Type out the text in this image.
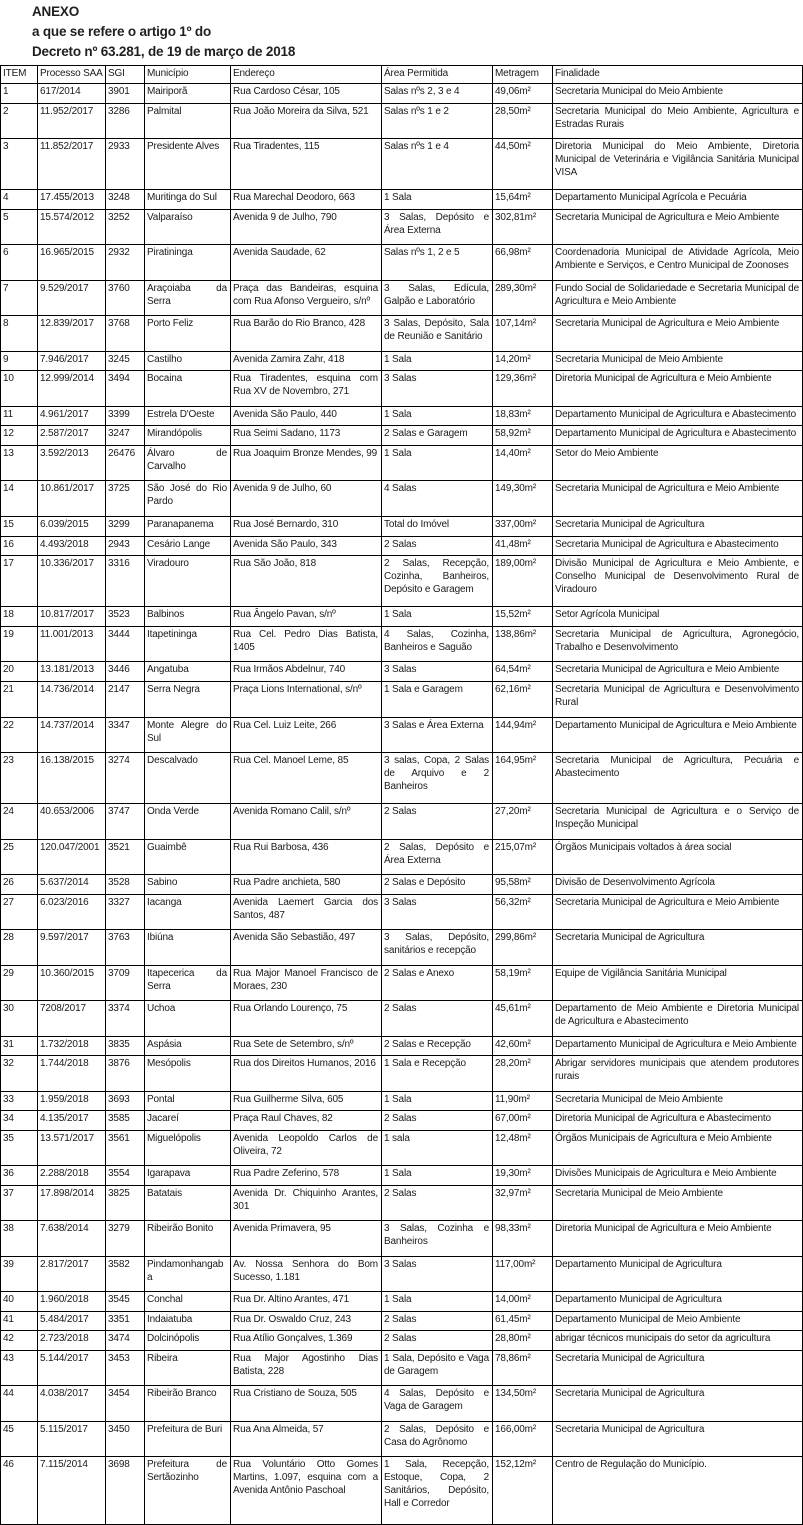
ANEXO
a que se refere o artigo 1º do
Decreto nº 63.281, de 19 de março de 2018
ITEM	Processo SAA	SGI	Município	Endereço	Área Permitida	Metragem	Finalidade
1	617/2014	3901	Mairiporã	Rua Cardoso César, 105	Salas nºs 2, 3 e 4	49,06m²	Secretaria Municipal do Meio Ambiente
2	11.952/2017	3286	Palmital	Rua João Moreira da Silva, 521	Salas nºs 1 e 2	28,50m²	Secretaria Municipal do Meio Ambiente, Agricultura e Estradas Rurais
3	11.852/2017	2933	Presidente Alves	Rua Tiradentes, 115	Salas nºs 1 e 4	44,50m²	Diretoria Municipal do Meio Ambiente, Diretoria Municipal de Veterinária e Vigilância Sanitária Municipal VISA
4	17.455/2013	3248	Muritinga do Sul	Rua Marechal Deodoro, 663	1 Sala	15,64m²	Departamento Municipal Agrícola e Pecuária
5	15.574/2012	3252	Valparaíso	Avenida 9 de Julho, 790	3 Salas, Depósito e Área Externa	302,81m²	Secretaria Municipal de Agricultura e Meio Ambiente
6	16.965/2015	2932	Piratininga	Avenida Saudade, 62	Salas nºs 1, 2 e 5	66,98m²	Coordenadoria Municipal de Atividade Agrícola, Meio Ambiente e Serviços, e Centro Municipal de Zoonoses
7	9.529/2017	3760	Araçoiaba da Serra	Praça das Bandeiras, esquina com Rua Afonso Vergueiro, s/nº	3 Salas, Edícula, Galpão e Laboratório	289,30m²	Fundo Social de Solidariedade e Secretaria Municipal de Agricultura e Meio Ambiente
8	12.839/2017	3768	Porto Feliz	Rua Barão do Rio Branco, 428	3 Salas, Depósito, Sala de Reunião e Sanitário	107,14m²	Secretaria Municipal de Agricultura e Meio Ambiente
9	7.946/2017	3245	Castilho	Avenida Zamira Zahr, 418	1 Sala	14,20m²	Secretaria Municipal de Meio Ambiente
10	12.999/2014	3494	Bocaina	Rua Tiradentes, esquina com Rua XV de Novembro, 271	3 Salas	129,36m²	Diretoria Municipal de Agricultura e Meio Ambiente
11	4.961/2017	3399	Estrela D'Oeste	Avenida São Paulo, 440	1 Sala	18,83m²	Departamento Municipal de Agricultura e Abastecimento
12	2.587/2017	3247	Mirandópolis	Rua Seimi Sadano, 1173	2 Salas e Garagem	58,92m²	Departamento Municipal de Agricultura e Abastecimento
13	3.592/2013	26476	Álvaro de Carvalho	Rua Joaquim Bronze Mendes, 99	1 Sala	14,40m²	Setor do Meio Ambiente
14	10.861/2017	3725	São José do Rio Pardo	Avenida 9 de Julho, 60	4 Salas	149,30m²	Secretaria Municipal de Agricultura e Meio Ambiente
15	6.039/2015	3299	Paranapanema	Rua José Bernardo, 310	Total do Imóvel	337,00m²	Secretaria Municipal de Agricultura
16	4.493/2018	2943	Cesário Lange	Avenida São Paulo, 343	2 Salas	41,48m²	Secretaria Municipal de Agricultura e Abastecimento
17	10.336/2017	3316	Viradouro	Rua São João, 818	2 Salas, Recepção, Cozinha, Banheiros, Depósito e Garagem	189,00m²	Divisão Municipal de Agricultura e Meio Ambiente, e Conselho Municipal de Desenvolvimento Rural de Viradouro
18	10.817/2017	3523	Balbinos	Rua Ângelo Pavan, s/nº	1 Sala	15,52m²	Setor Agrícola Municipal
19	11.001/2013	3444	Itapetininga	Rua Cel. Pedro Dias Batista, 1405	4 Salas, Cozinha, Banheiros e Saguão	138,86m²	Secretaria Municipal de Agricultura, Agronegócio, Trabalho e Desenvolvimento
20	13.181/2013	3446	Angatuba	Rua Irmãos Abdelnur, 740	3 Salas	64,54m²	Secretaria Municipal de Agricultura e Meio Ambiente
21	14.736/2014	2147	Serra Negra	Praça Lions International, s/nº	1 Sala e Garagem	62,16m²	Secretaria Municipal de Agricultura e Desenvolvimento Rural
22	14.737/2014	3347	Monte Alegre do Sul	Rua Cel. Luiz Leite, 266	3 Salas e Área Externa	144,94m²	Departamento Municipal de Agricultura e Meio Ambiente
23	16.138/2015	3274	Descalvado	Rua Cel. Manoel Leme, 85	3 salas, Copa, 2 Salas de Arquivo e 2 Banheiros	164,95m²	Secretaria Municipal de Agricultura, Pecuária e Abastecimento
24	40.653/2006	3747	Onda Verde	Avenida Romano Calil, s/nº	2 Salas	27,20m²	Secretaria Municipal de Agricultura e o Serviço de Inspeção Municipal
25	120.047/2001	3521	Guaimbê	Rua Rui Barbosa, 436	2 Salas, Depósito e Área Externa	215,07m²	Órgãos Municipais voltados à área social
26	5.637/2014	3528	Sabino	Rua Padre anchieta, 580	2 Salas e Depósito	95,58m²	Divisão de Desenvolvimento Agrícola
27	6.023/2016	3327	Iacanga	Avenida Laemert Garcia dos Santos, 487	3 Salas	56,32m²	Secretaria Municipal de Agricultura e Meio Ambiente
28	9.597/2017	3763	Ibiúna	Avenida São Sebastião, 497	3 Salas, Depósito, sanitários e recepção	299,86m²	Secretaria Municipal de Agricultura
29	10.360/2015	3709	Itapecerica da Serra	Rua Major Manoel Francisco de Moraes, 230	2 Salas e Anexo	58,19m²	Equipe de Vigilância Sanitária Municipal
30	7208/2017	3374	Uchoa	Rua Orlando Lourenço, 75	2 Salas	45,61m²	Departamento de Meio Ambiente e Diretoria Municipal de Agricultura e Abastecimento
31	1.732/2018	3835	Aspásia	Rua Sete de Setembro, s/nº	2 Salas e Recepção	42,60m²	Departamento Municipal de Agricultura e Meio Ambiente
32	1.744/2018	3876	Mesópolis	Rua dos Direitos Humanos, 2016	1 Sala e Recepção	28,20m²	Abrigar servidores municipais que atendem produtores rurais
33	1.959/2018	3693	Pontal	Rua Guilherme Silva, 605	1 Sala	11,90m²	Secretaria Municipal de Meio Ambiente
34	4.135/2017	3585	Jacareí	Praça Raul Chaves, 82	2 Salas	67,00m²	Diretoria Municipal de Agricultura e Abastecimento
35	13.571/2017	3561	Miguelópolis	Avenida Leopoldo Carlos de Oliveira, 72	1 sala	12,48m²	Órgãos Municipais de Agricultura e Meio Ambiente
36	2.288/2018	3554	Igarapava	Rua Padre Zeferino, 578	1 Sala	19,30m²	Divisões Municipais de Agricultura e Meio Ambiente
37	17.898/2014	3825	Batatais	Avenida Dr. Chiquinho Arantes, 301	2 Salas	32,97m²	Secretaria Municipal de Meio Ambiente
38	7.638/2014	3279	Ribeirão Bonito	Avenida Primavera, 95	3 Salas, Cozinha e Banheiros	98,33m²	Diretoria Municipal de Agricultura e Meio Ambiente
39	2.817/2017	3582	Pindamonhangaba	Av. Nossa Senhora do Bom Sucesso, 1.181	3 Salas	117,00m²	Departamento Municipal de Agricultura
40	1.960/2018	3545	Conchal	Rua Dr. Altino Arantes, 471	1 Sala	14,00m²	Departamento Municipal de Agricultura
41	5.484/2017	3351	Indaiatuba	Rua Dr. Oswaldo Cruz, 243	2 Salas	61,45m²	Departamento Municipal de Meio Ambiente
42	2.723/2018	3474	Dolcinópolis	Rua Atílio Gonçalves, 1.369	2 Salas	28,80m²	abrigar técnicos municipais do setor da agricultura
43	5.144/2017	3453	Ribeira	Rua Major Agostinho Dias Batista, 228	1 Sala, Depósito e Vaga de Garagem	78,86m²	Secretaria Municipal de Agricultura
44	4.038/2017	3454	Ribeirão Branco	Rua Cristiano de Souza, 505	4 Salas, Depósito e Vaga de Garagem	134,50m²	Secretaria Municipal de Agricultura
45	5.115/2017	3450	Prefeitura de Buri	Rua Ana Almeida, 57	2 Salas, Depósito e Casa do Agrônomo	166,00m²	Secretaria Municipal de Agricultura
46	7.115/2014	3698	Prefeitura de Sertãozinho	Rua Voluntário Otto Gomes Martins, 1.097, esquina com a Avenida Antônio Paschoal	1 Sala, Recepção, Estoque, Copa, 2 Sanitários, Depósito, Hall e Corredor	152,12m²	Centro de Regulação do Município.
